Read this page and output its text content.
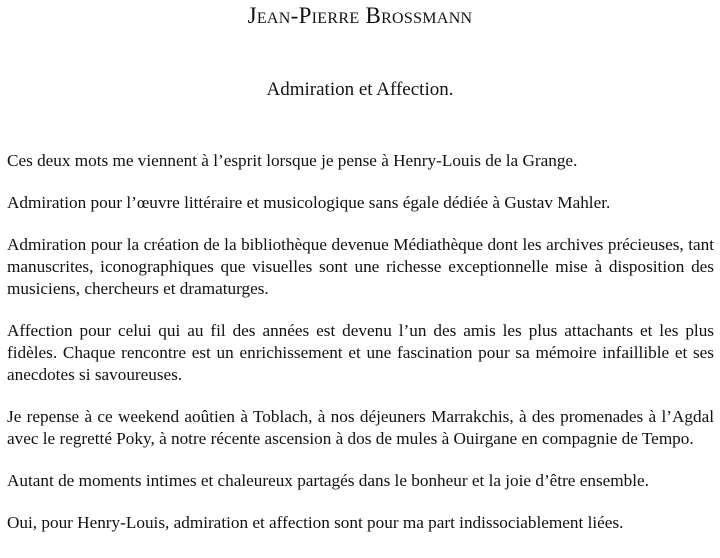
Jean-Pierre Brossmann
Admiration et Affection.

Ces deux mots me viennent à l’esprit lorsque je pense à Henry-Louis de la Grange.

Admiration pour l’œuvre littéraire et musicologique sans égale dédiée à Gustav Mahler.

Admiration pour la création de la bibliothèque devenue Médiathèque dont les archives précieuses, tant manuscrites, iconographiques que visuelles sont une richesse exceptionnelle mise à disposition des musiciens, chercheurs et dramaturges.

Affection pour celui qui au fil des années est devenu l’un des amis les plus attachants et les plus fidèles. Chaque rencontre est un enrichissement et une fascination pour sa mémoire infaillible et ses anecdotes si savoureuses.

Je repense à ce weekend aoûtien à Toblach, à nos déjeuners Marrakchis, à des promenades à l’Agdal avec le regretté Poky, à notre récente ascension à dos de mules à Ouirgane en compagnie de Tempo.

Autant de moments intimes et chaleureux partagés dans le bonheur et la joie d’être ensemble.

Oui, pour Henry-Louis, admiration et affection sont pour ma part indissociablement liées.
